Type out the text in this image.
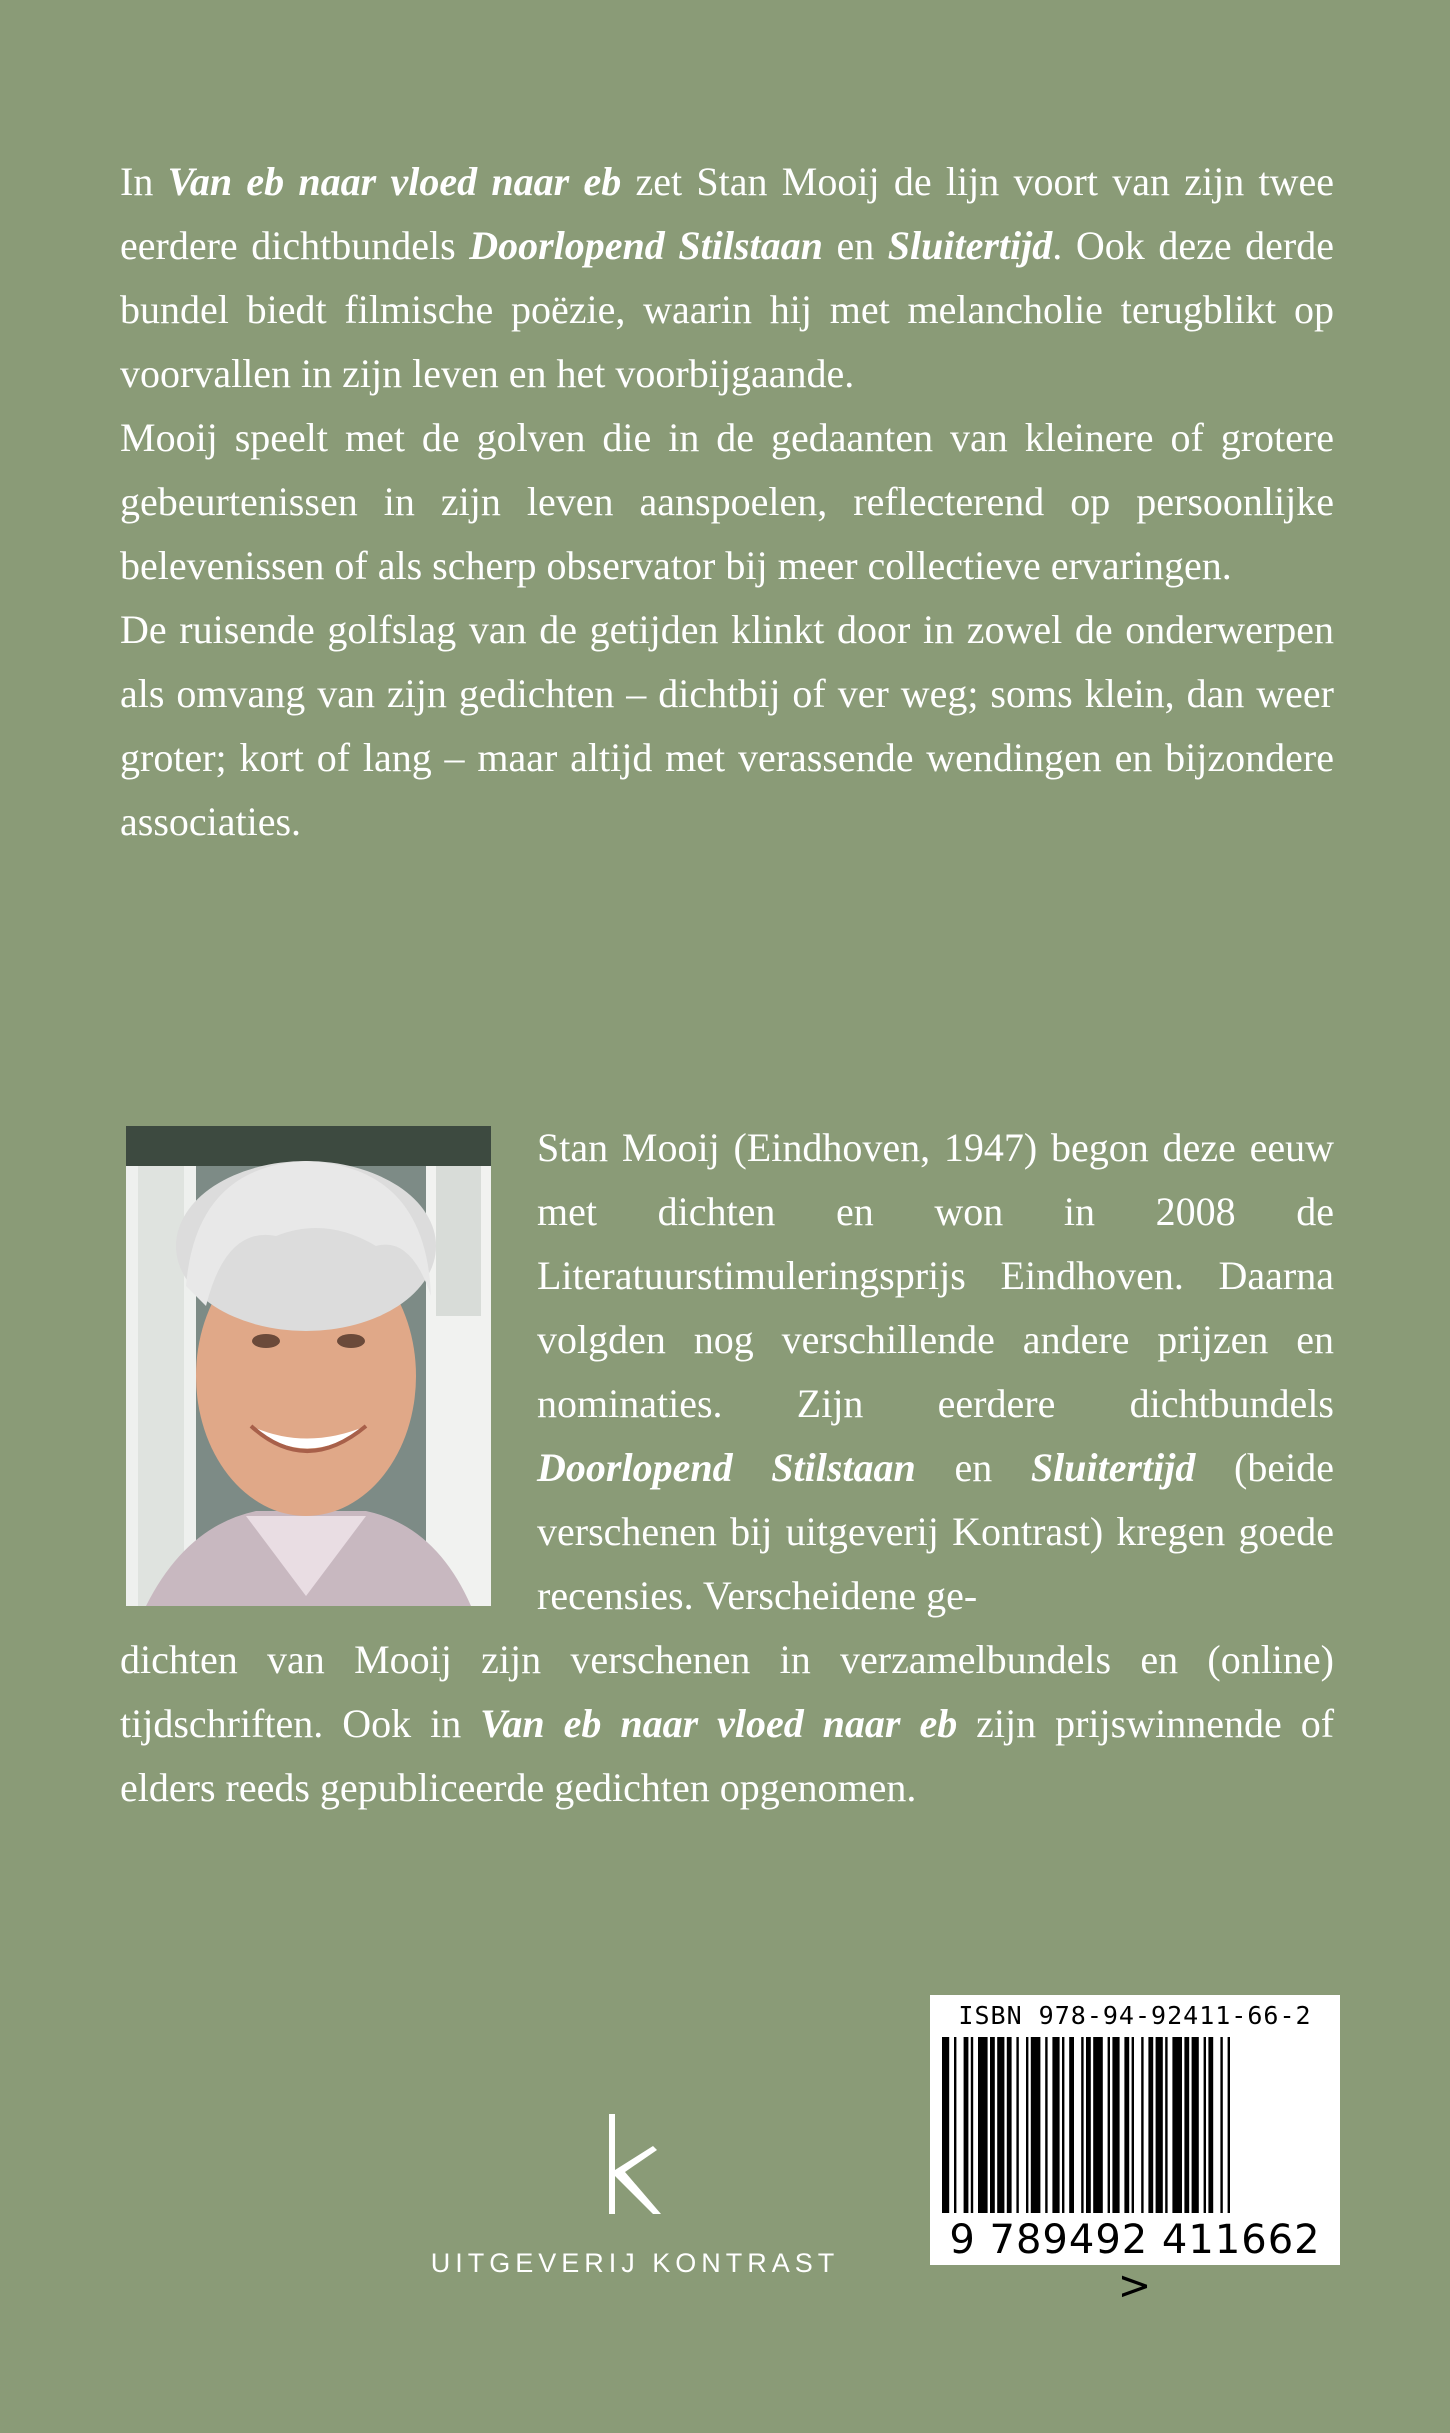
In Van eb naar vloed naar eb zet Stan Mooij de lijn voort van zijn twee eerdere dichtbundels Doorlopend Stilstaan en Sluitertijd. Ook deze derde bundel biedt filmische poëzie, waarin hij met melancholie terugblikt op voorvallen in zijn leven en het voorbijgaande.

Mooij speelt met de golven die in de gedaanten van kleinere of grotere gebeurtenissen in zijn leven aanspoelen, reflecterend op persoonlijke belevenissen of als scherp observator bij meer collectieve ervaringen.

De ruisende golfslag van de getijden klinkt door in zowel de onderwerpen als omvang van zijn gedichten – dichtbij of ver weg; soms klein, dan weer groter; kort of lang – maar altijd met verassende wendingen en bijzondere associaties.

Stan Mooij (Eindhoven, 1947) begon deze eeuw met dichten en won in 2008 de Literatuurstimuleringsprijs Eindhoven. Daarna volgden nog verschillende andere prijzen en nominaties. Zijn eerdere dichtbundels Doorlopend Stilstaan en Sluitertijd (beide verschenen bij uitgeverij Kontrast) kregen goede recensies. Verscheidene ge-

dichten van Mooij zijn verschenen in verzamelbundels en (online) tijdschriften. Ook in Van eb naar vloed naar eb zijn prijswinnende of elders reeds gepubliceerde gedichten opgenomen.

UITGEVERIJ KONTRAST
ISBN 978-94-92411-66-2
9 789492 411662 >
